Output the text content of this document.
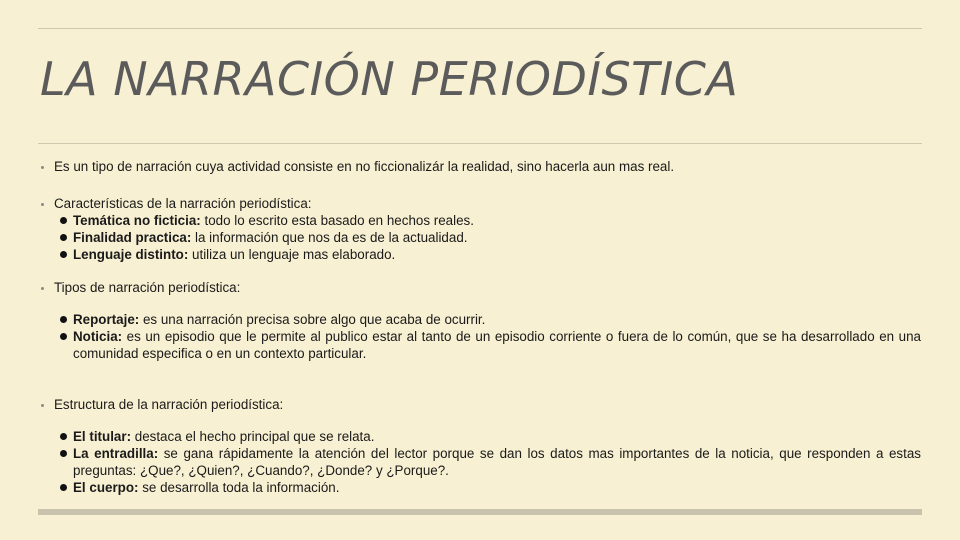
LA NARRACIÓN PERIODÍSTICA

Es un tipo de narración cuya actividad consiste en no ficcionalizár la realidad, sino hacerla aun mas real.

Características de la narración periodística:

Temática no ficticia: todo lo escrito esta basado en hechos reales.
Finalidad practica: la información que nos da es de la actualidad.
Lenguaje distinto: utiliza un lenguaje mas elaborado.

Tipos de narración periodística:

Reportaje: es una narración precisa sobre algo que acaba de ocurrir.
Noticia: es un episodio que le permite al publico estar al tanto de un episodio corriente o fuera de lo común, que se ha desarrollado en una comunidad especifica o en un contexto particular.

Estructura de la narración periodística:

El titular: destaca el hecho principal que se relata.
La entradilla: se gana rápidamente la atención del lector porque se dan los datos mas importantes de la noticia, que responden a estas preguntas: ¿Que?, ¿Quien?, ¿Cuando?, ¿Donde? y ¿Porque?.
El cuerpo: se desarrolla toda la información.
